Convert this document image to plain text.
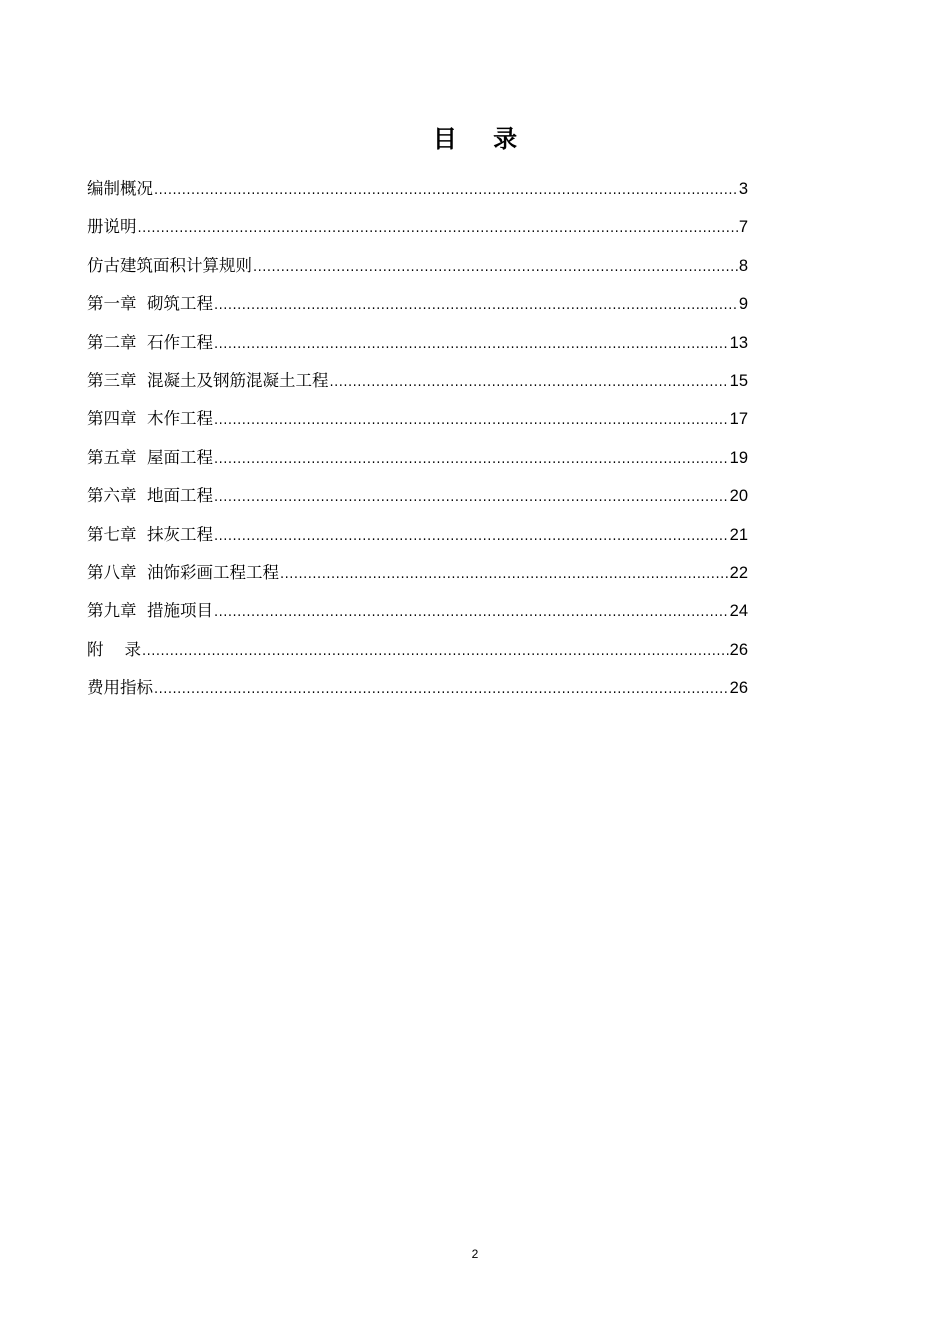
目 录
编制概况 .....	3
册说明 .....	7
仿古建筑面积计算规则 .....	8
第一章  砌筑工程 .....	9
第二章  石作工程 .....	13
第三章  混凝土及钢筋混凝土工程 .....	15
第四章  木作工程 .....	17
第五章  屋面工程 .....	19
第六章  地面工程 .....	20
第七章  抹灰工程 .....	21
第八章  油饰彩画工程工程 .....	22
第九章  措施项目 .....	24
附    录 .....	26
费用指标 .....	26
2
